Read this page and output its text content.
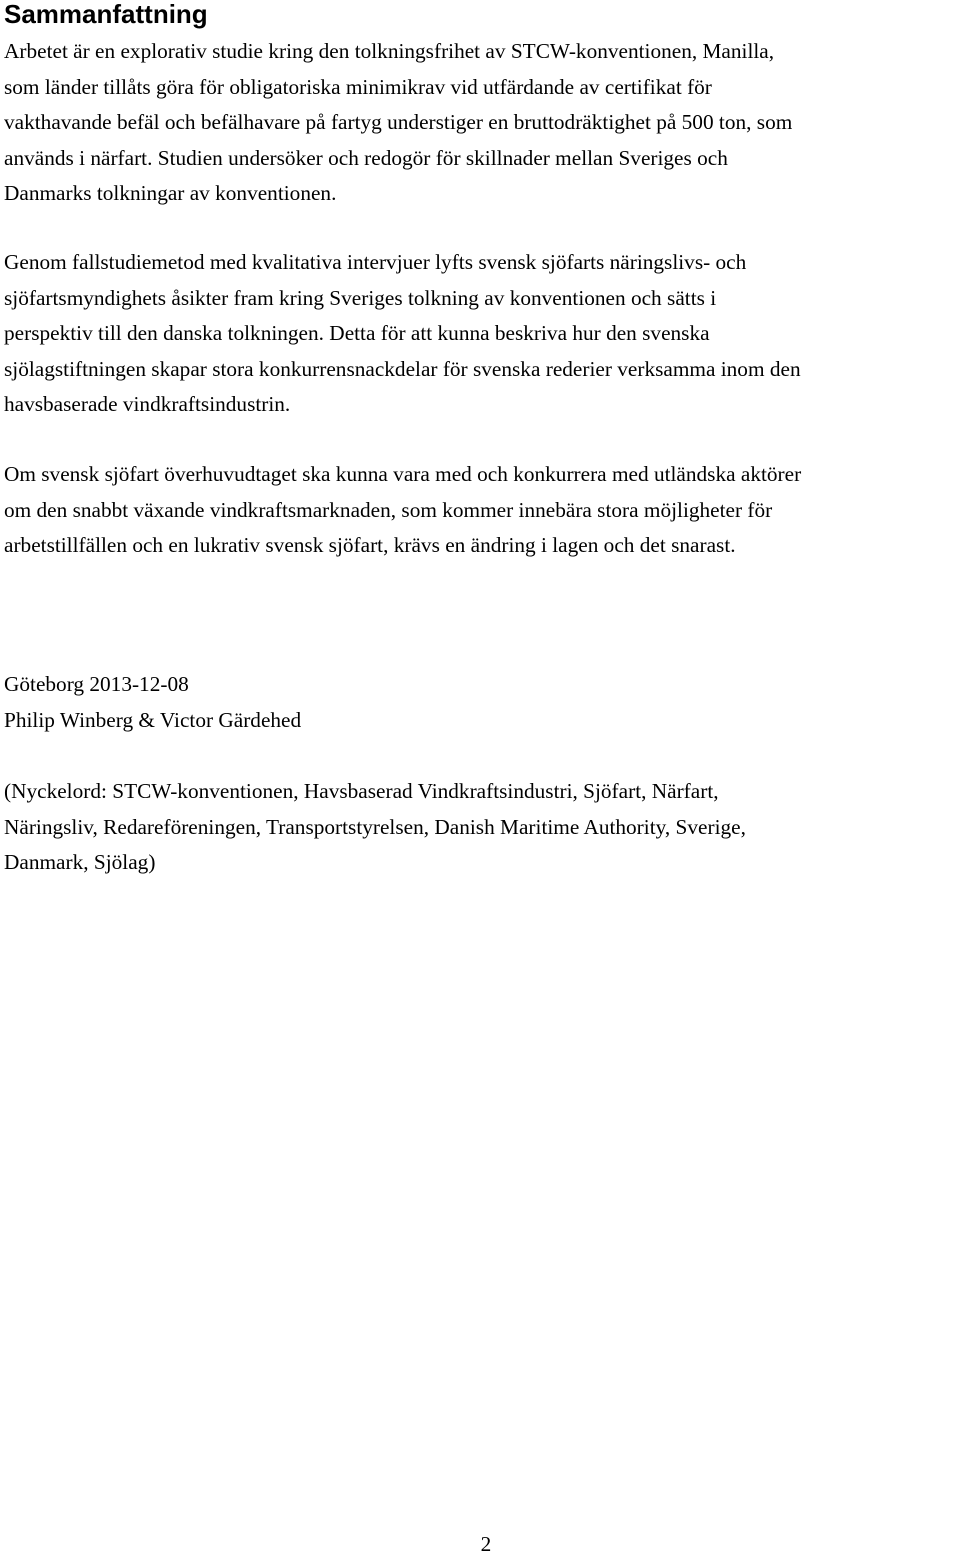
Sammanfattning

Arbetet är en explorativ studie kring den tolkningsfrihet av STCW-konventionen, Manilla,
som länder tillåts göra för obligatoriska minimikrav vid utfärdande av certifikat för
vakthavande befäl och befälhavare på fartyg understiger en bruttodräktighet på 500 ton, som
används i närfart. Studien undersöker och redogör för skillnader mellan Sveriges och
Danmarks tolkningar av konventionen.

Genom fallstudiemetod med kvalitativa intervjuer lyfts svensk sjöfarts näringslivs- och
sjöfartsmyndighets åsikter fram kring Sveriges tolkning av konventionen och sätts i
perspektiv till den danska tolkningen. Detta för att kunna beskriva hur den svenska
sjölagstiftningen skapar stora konkurrensnackdelar för svenska rederier verksamma inom den
havsbaserade vindkraftsindustrin.

Om svensk sjöfart överhuvudtaget ska kunna vara med och konkurrera med utländska aktörer
om den snabbt växande vindkraftsmarknaden, som kommer innebära stora möjligheter för
arbetstillfällen och en lukrativ svensk sjöfart, krävs en ändring i lagen och det snarast.

Göteborg 2013-12-08

Philip Winberg & Victor Gärdehed

(Nyckelord: STCW-konventionen, Havsbaserad Vindkraftsindustri, Sjöfart, Närfart,
Näringsliv, Redareföreningen, Transportstyrelsen, Danish Maritime Authority, Sverige,
Danmark, Sjölag)

2
